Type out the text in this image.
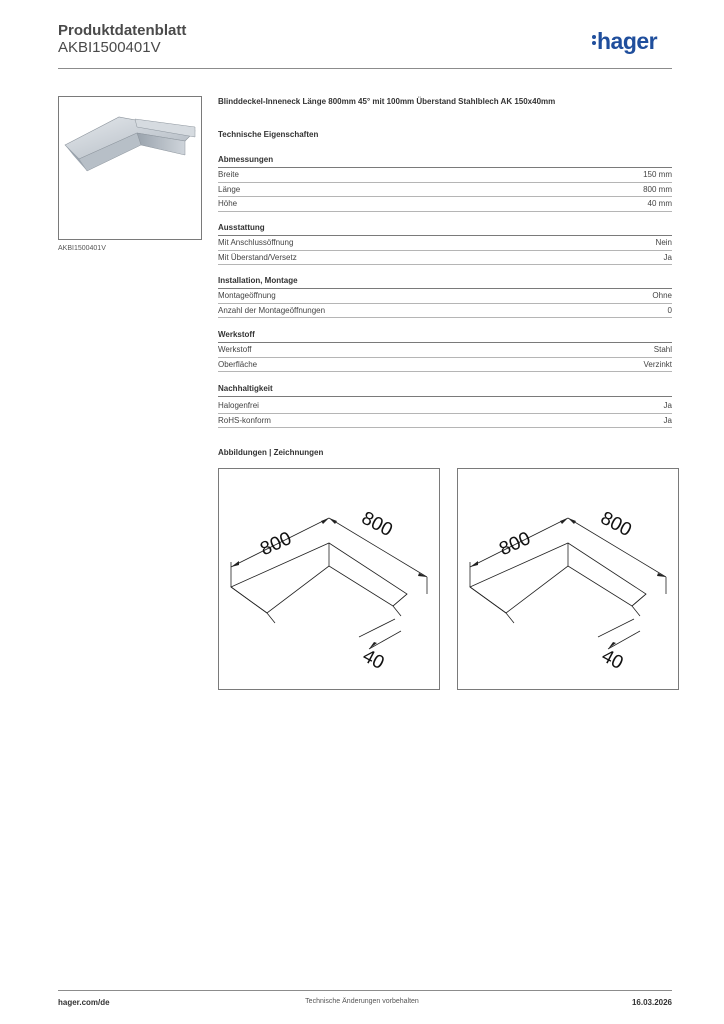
Produktdatenblatt
AKBI1500401V	hager
AKBI1500401V
Blinddeckel-Inneneck Länge 800mm 45° mit 100mm Überstand Stahlblech AK 150x40mm
Technische Eigenschaften
Abmessungen
Breite	150 mm
Länge	800 mm
Höhe	40 mm
Ausstattung
Mit Anschlussöffnung	Nein
Mit Überstand/Versetz	Ja
Installation, Montage
Montageöffnung	Ohne
Anzahl der Montageöffnungen	0
Werkstoff
Werkstoff	Stahl
Oberfläche	Verzinkt
Nachhaltigkeit
Halogenfrei	Ja
RoHS-konform	Ja
Abbildungen | Zeichnungen
800
800
40
800
800
40
hager.com/de	Technische Änderungen vorbehalten	16.03.2026
